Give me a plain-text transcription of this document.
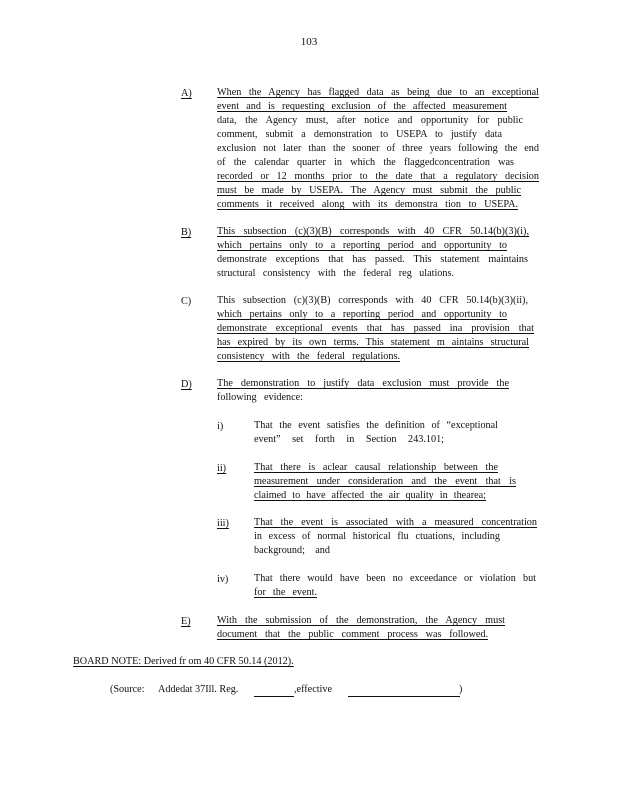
103
A) When the Agency has flagged data as being due to an exceptional
event and is requesting exclusion of the affected measurement
data, the Agency must, after notice and opportunity for public
comment, submit a demonstration to USEPA to justify data
exclusion not later than the sooner of three years following the end
of the calendar quarter in which the flaggedconcentration was
recorded or 12 months prior to the date that a regulatory decision
must be made by USEPA. The Agency must submit the public
comments it received along with its demonstra tion to USEPA.
B)	This subsection (c)(3)(B) corresponds with 40 CFR 50.14(b)(3)(i),
which pertains only to a reporting period and opportunity to
demonstrate exceptions that has passed. This statement maintains
structural consistency with the federal reg ulations.
C)	This subsection (c)(3)(B) corresponds with 40 CFR 50.14(b)(3)(ii),
which pertains only to a reporting period and opportunity to
demonstrate exceptional events that has passed ina provision that
has expired by its own terms. This statement m aintains structural
consistency with the federal regulations.
D) The demonstration to justify data exclusion must provide the
following evidence:
i)	That the event satisfies the definition of “exceptional
event” set forth in Section 243.101;
ii)	That there is aclear causal relationship between the
measurement under consideration and the event that is
claimed to have affected the air quality in thearea;
iii) That the event is associated with a measured concentration
in excess of normal historical flu ctuations, including
background; and
iv)	That there would have been no exceedance or violation but
for the event.
E)	With the submission of the demonstration, the Agency must
document that the public comment process was followed.
BOARD NOTE: Derived fr om 40 CFR 50.14 (2012).
(Source: Addedat 37Ill. Reg.	,effective	)
